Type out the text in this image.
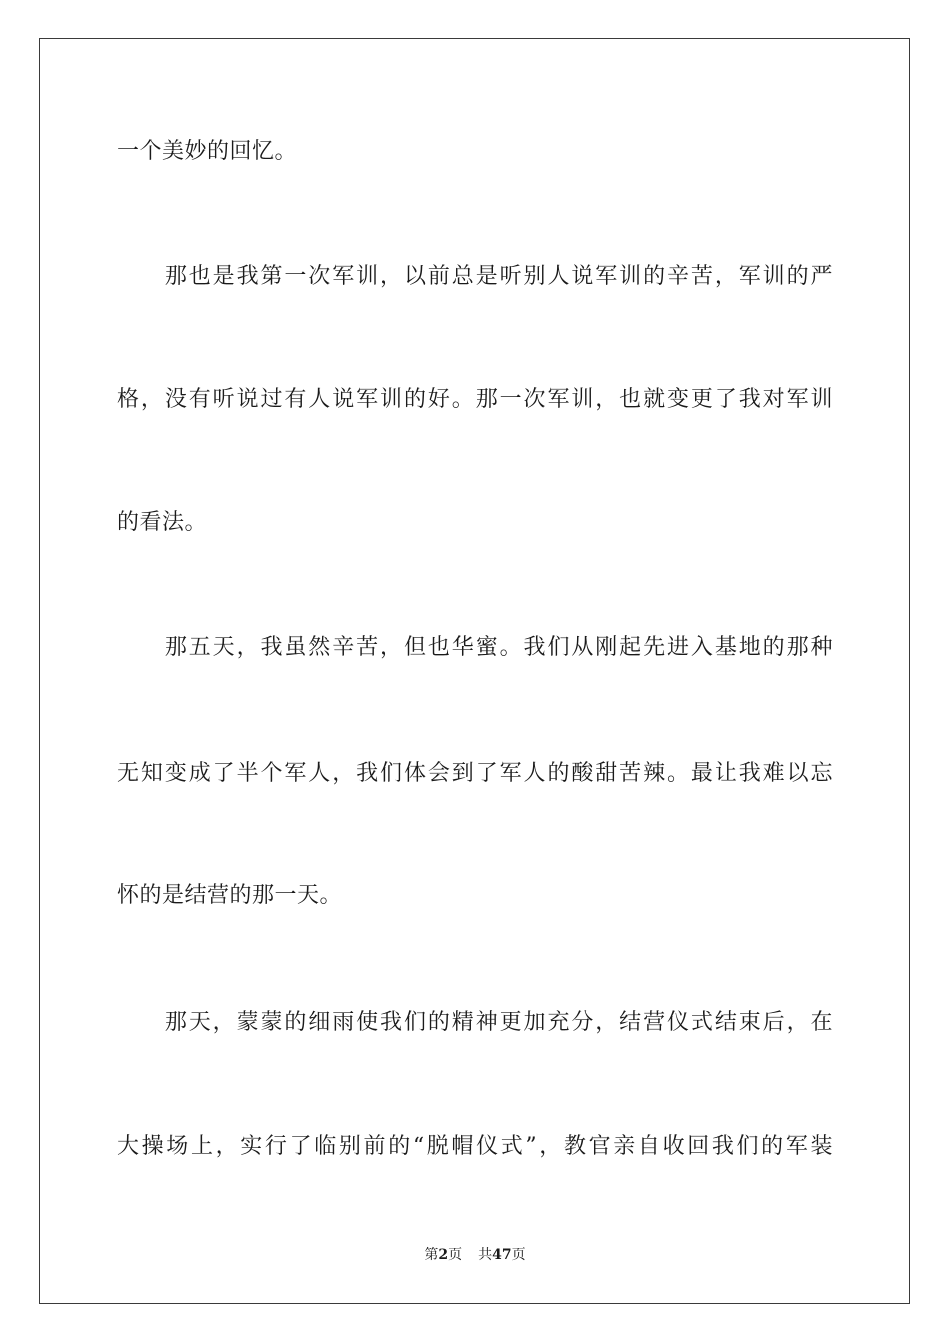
一个美妙的回忆。
　　那也是我第一次军训，以前总是听别人说军训的辛苦，军训的严
格，没有听说过有人说军训的好。那一次军训，也就变更了我对军训
的看法。
　　那五天，我虽然辛苦，但也华蜜。我们从刚起先进入基地的那种
无知变成了半个军人，我们体会到了军人的酸甜苦辣。最让我难以忘
怀的是结营的那一天。
　　那天，蒙蒙的细雨使我们的精神更加充分，结营仪式结束后，在
大操场上，实行了临别前的“脱帽仪式”，教官亲自收回我们的军装
第2页 共47页
